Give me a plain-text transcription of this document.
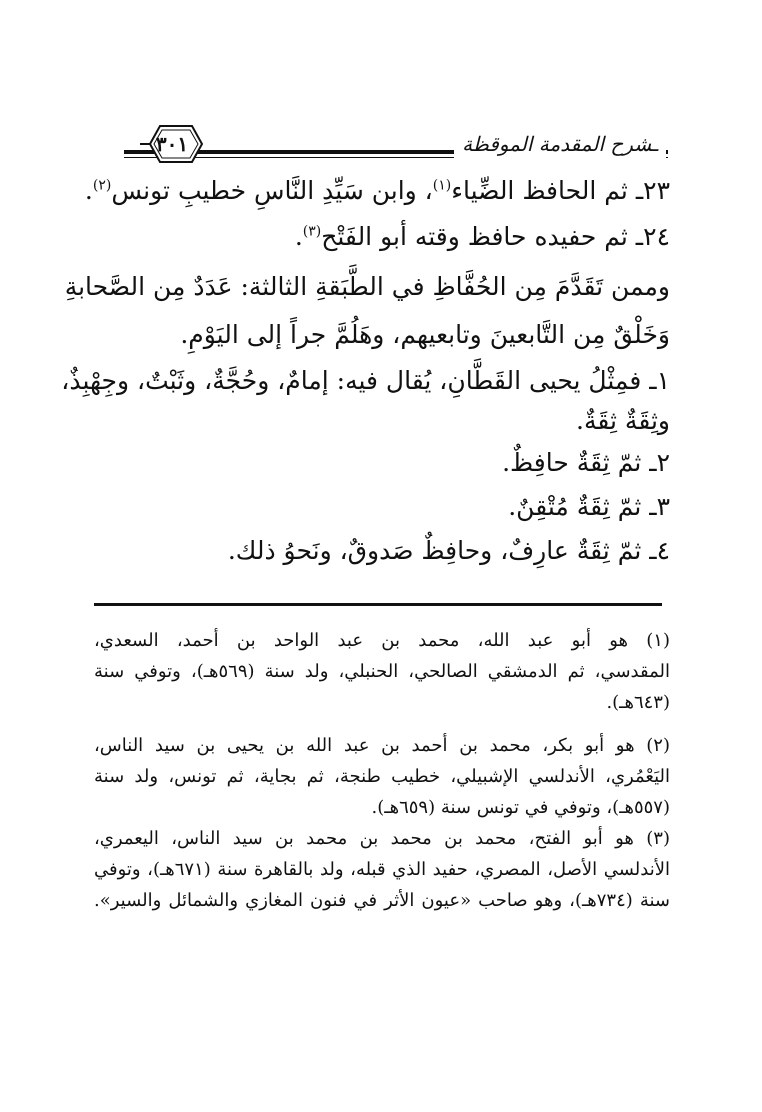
ـشرح المقدمة الموقظة
٣٠١
٢٣ـ ثم الحافظ الضِّياء$^{(١)}$، وابن سَيِّدِ النَّاسِ خطيبِ تونس$^{(٢)}$.
٢٤ـ ثم حفيده حافظ وقته أبو الفَتْح$^{(٣)}$.
وممن تَقَدَّمَ مِن الحُفَّاظِ في الطَّبَقةِ الثالثة: عَدَدٌ مِن الصَّحابةِ
وَخَلْقٌ مِن التَّابعينَ وتابعيهم، وهَلُمَّ جراً إلى اليَوْمِ.
١ـ فمِثْلُ يحيى القَطَّانِ، يُقال فيه: إمامٌ، وحُجَّةٌ، وثَبْتٌ، وجِهْبِذٌ،
وثِقَةٌ ثِقَةٌ.
٢ـ ثمّ ثِقَةٌ حافِظٌ.
٣ـ ثمّ ثِقَةٌ مُتْقِنٌ.
٤ـ ثمّ ثِقَةٌ عارِفٌ، وحافِظٌ صَدوقٌ، ونَحوُ ذلك.
(١) هو أبو عبد الله، محمد بن عبد الواحد بن أحمد، السعدي،
المقدسي، ثم الدمشقي الصالحي، الحنبلي، ولد سنة (٥٦٩هـ)، وتوفي سنة
(٦٤٣هـ).
(٢) هو أبو بكر، محمد بن أحمد بن عبد الله بن يحيى بن سيد الناس،
اليَعْمُري، الأندلسي الإشبيلي، خطيب طنجة، ثم بجاية، ثم تونس، ولد سنة
(٥٥٧هـ)، وتوفي في تونس سنة (٦٥٩هـ).
(٣) هو أبو الفتح، محمد بن محمد بن محمد بن سيد الناس، اليعمري،
الأندلسي الأصل، المصري، حفيد الذي قبله، ولد بالقاهرة سنة (٦٧١هـ)، وتوفي
سنة (٧٣٤هـ)، وهو صاحب «عيون الأثر في فنون المغازي والشمائل والسير».
